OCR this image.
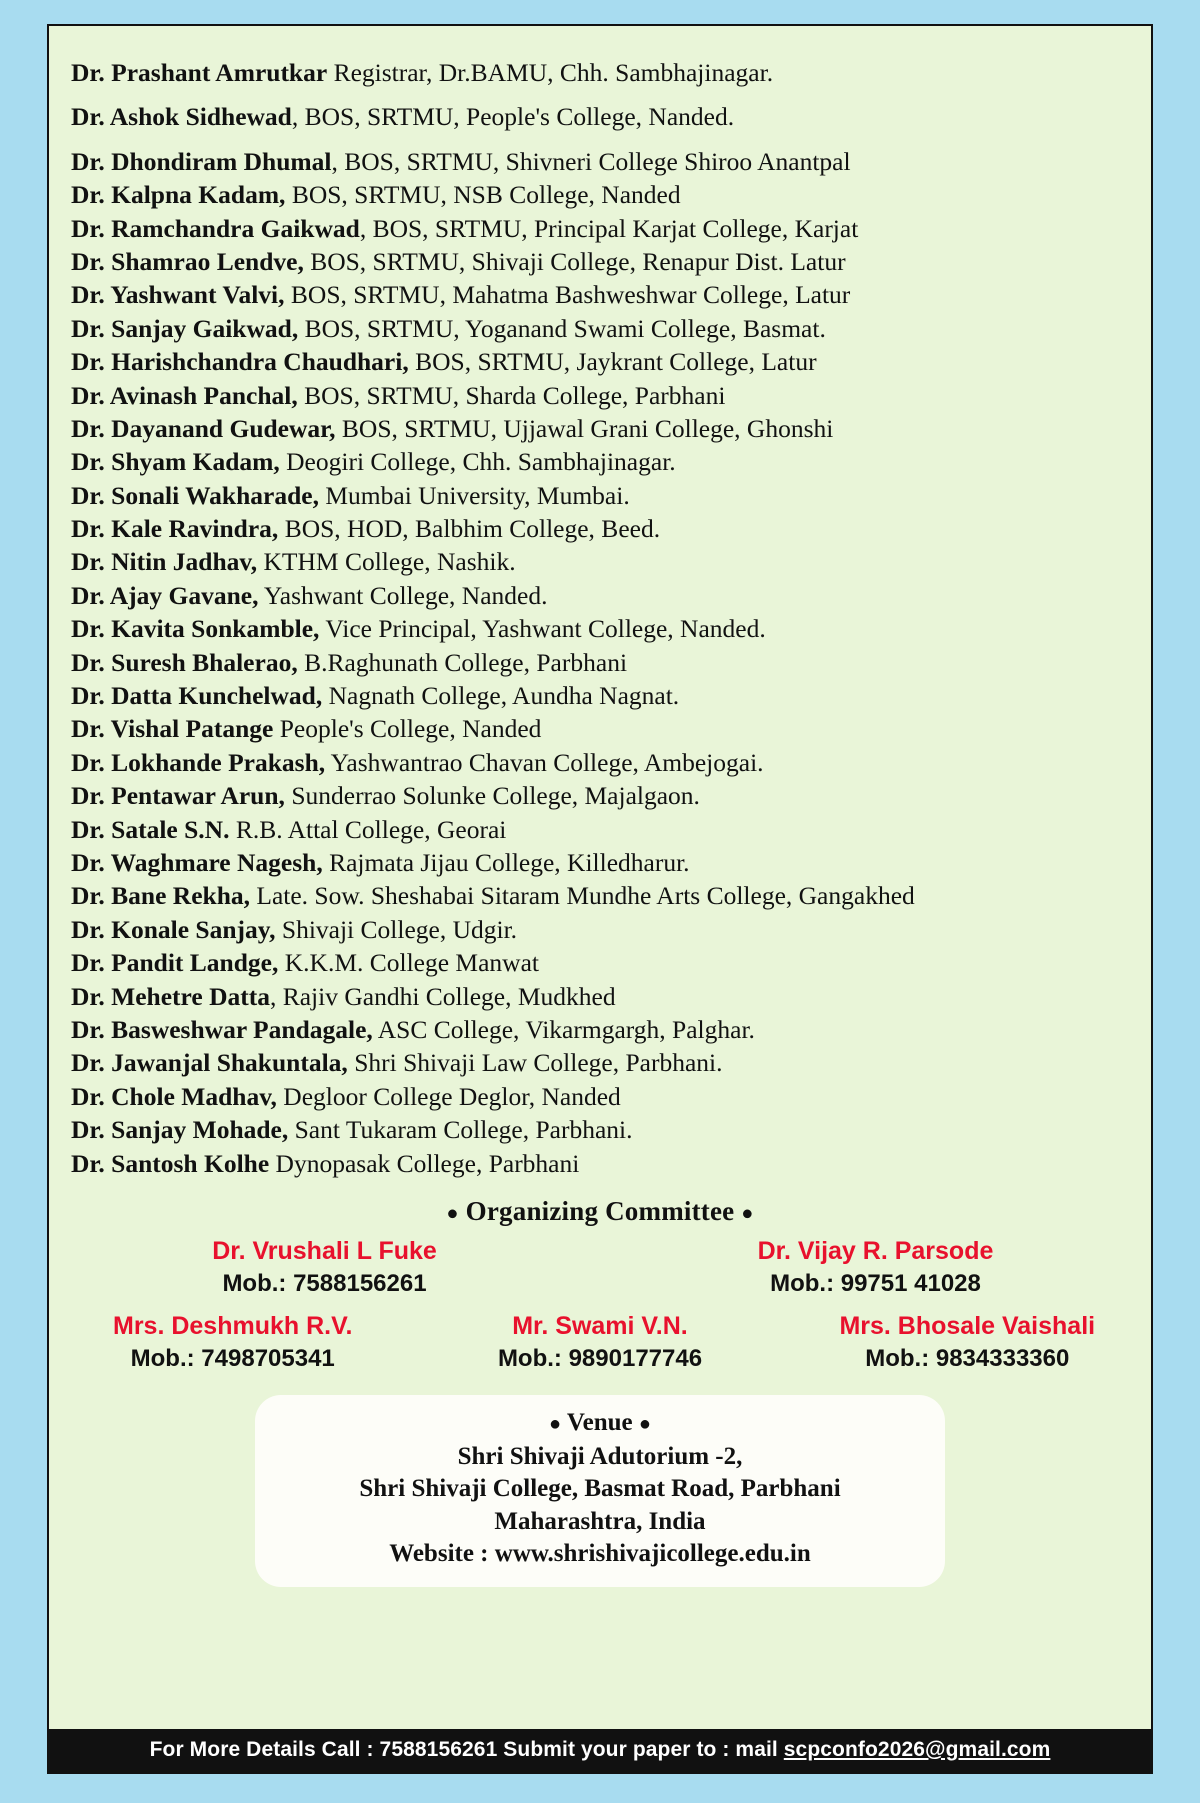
Dr. Prashant Amrutkar Registrar, Dr.BAMU, Chh. Sambhajinagar.
Dr. Ashok Sidhewad, BOS, SRTMU, People's College, Nanded.
Dr. Dhondiram Dhumal, BOS, SRTMU, Shivneri College Shiroo Anantpal
Dr. Kalpna Kadam, BOS, SRTMU, NSB College, Nanded
Dr. Ramchandra Gaikwad, BOS, SRTMU, Principal Karjat College, Karjat
Dr. Shamrao Lendve, BOS, SRTMU, Shivaji College, Renapur Dist. Latur
Dr. Yashwant Valvi, BOS, SRTMU, Mahatma Bashweshwar College, Latur
Dr. Sanjay Gaikwad, BOS, SRTMU, Yoganand Swami College, Basmat.
Dr. Harishchandra Chaudhari, BOS, SRTMU, Jaykrant College, Latur
Dr. Avinash Panchal, BOS, SRTMU, Sharda College, Parbhani
Dr. Dayanand Gudewar, BOS, SRTMU, Ujjawal Grani College, Ghonshi
Dr. Shyam Kadam, Deogiri College, Chh. Sambhajinagar.
Dr. Sonali Wakharade, Mumbai University, Mumbai.
Dr. Kale Ravindra, BOS, HOD, Balbhim College, Beed.
Dr. Nitin Jadhav, KTHM College, Nashik.
Dr. Ajay Gavane, Yashwant College, Nanded.
Dr. Kavita Sonkamble, Vice Principal, Yashwant College, Nanded.
Dr. Suresh Bhalerao, B.Raghunath College, Parbhani
Dr. Datta Kunchelwad, Nagnath College, Aundha Nagnat.
Dr. Vishal Patange People's College, Nanded
Dr. Lokhande Prakash, Yashwantrao Chavan College, Ambejogai.
Dr. Pentawar Arun, Sunderrao Solunke College, Majalgaon.
Dr. Satale S.N. R.B. Attal College, Georai
Dr. Waghmare Nagesh, Rajmata Jijau College, Killedharur.
Dr. Bane Rekha, Late. Sow. Sheshabai Sitaram Mundhe Arts College, Gangakhed
Dr. Konale Sanjay, Shivaji College, Udgir.
Dr. Pandit Landge, K.K.M. College Manwat
Dr. Mehetre Datta, Rajiv Gandhi College, Mudkhed
Dr. Basweshwar Pandagale, ASC College, Vikarmgargh, Palghar.
Dr. Jawanjal Shakuntala, Shri Shivaji Law College, Parbhani.
Dr. Chole Madhav, Degloor College Deglor, Nanded
Dr. Sanjay Mohade, Sant Tukaram College, Parbhani.
Dr. Santosh Kolhe Dynopasak College, Parbhani
● Organizing Committee ●
Dr. Vrushali L Fuke
Mob.: 7588156261
Dr. Vijay R. Parsode
Mob.: 99751 41028
Mrs. Deshmukh R.V.
Mob.: 7498705341
Mr. Swami V.N.
Mob.: 9890177746
Mrs. Bhosale Vaishali
Mob.: 9834333360
● Venue ●
Shri Shivaji Adutorium -2,
Shri Shivaji College, Basmat Road, Parbhani
Maharashtra, India
Website : www.shrishivajicollege.edu.in
For More Details Call : 7588156261 Submit your paper to : mail scpconfo2026@gmail.com
